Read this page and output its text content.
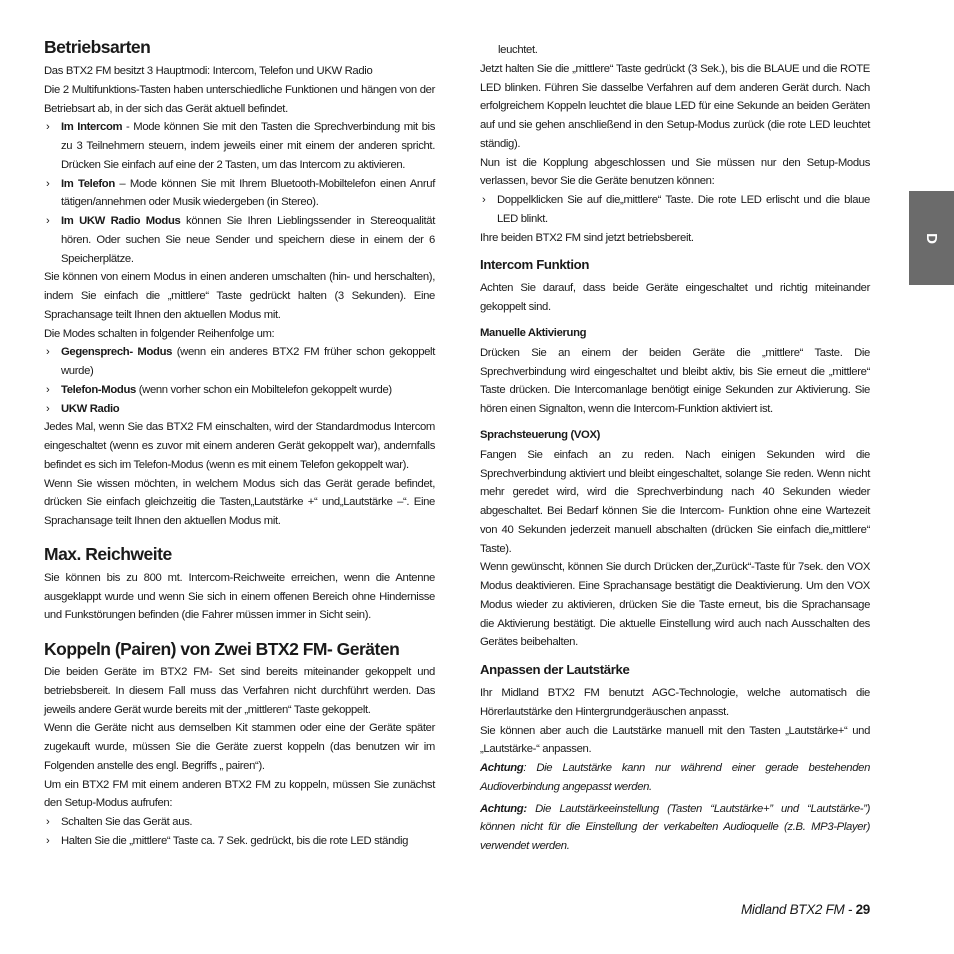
Betriebsarten

Das BTX2 FM besitzt 3 Hauptmodi: Intercom, Telefon und UKW Radio

Die 2 Multifunktions-Tasten haben unterschiedliche Funktionen und hängen von der Betriebsart ab, in der sich das Gerät aktuell befindet.

› Im Intercom - Mode können Sie mit den Tasten die Sprechverbindung mit bis zu 3 Teilnehmern steuern, indem jeweils einer mit einem der anderen spricht. Drücken Sie einfach auf eine der 2 Tasten, um das Intercom zu aktivieren.
› Im Telefon – Mode können Sie mit Ihrem Bluetooth-Mobiltelefon einen Anruf tätigen/annehmen oder Musik wiedergeben (in Stereo).
› Im UKW Radio Modus können Sie Ihren Lieblingssender in Stereoqualität hören. Oder suchen Sie neue Sender und speichern diese in einem der 6 Speicherplätze.

Sie können von einem Modus in einen anderen umschalten (hin- und herschalten), indem Sie einfach die „mittlere“ Taste gedrückt halten (3 Sekunden). Eine Sprachansage teilt Ihnen den aktuellen Modus mit.

Die Modes schalten in folgender Reihenfolge um:

› Gegensprech- Modus (wenn ein anderes BTX2 FM früher schon gekoppelt wurde)
› Telefon-Modus (wenn vorher schon ein Mobiltelefon gekoppelt wurde)
› UKW Radio

Jedes Mal, wenn Sie das BTX2 FM einschalten, wird der Standardmodus Intercom eingeschaltet (wenn es zuvor mit einem anderen Gerät gekoppelt war), andernfalls befindet es sich im Telefon-Modus (wenn es mit einem Telefon gekoppelt war).

Wenn Sie wissen möchten, in welchem Modus sich das Gerät gerade befindet, drücken Sie einfach gleichzeitig die Tasten„Lautstärke +“ und„Lautstärke –“. Eine Sprachansage teilt Ihnen den aktuellen Modus mit.

Max. Reichweite

Sie können bis zu 800 mt. Intercom-Reichweite erreichen, wenn die Antenne ausgeklappt wurde und wenn Sie sich in einem offenen Bereich ohne Hindernisse und Funkstörungen befinden (die Fahrer müssen immer in Sicht sein).

Koppeln (Pairen) von Zwei BTX2 FM- Geräten

Die beiden Geräte im BTX2 FM- Set sind bereits miteinander gekoppelt und betriebsbereit. In diesem Fall muss das Verfahren nicht durchführt werden. Das jeweils andere Gerät wurde bereits mit der „mittleren“ Taste gekoppelt.

Wenn die Geräte nicht aus demselben Kit stammen oder eine der Geräte später zugekauft wurde, müssen Sie die Geräte zuerst koppeln (das benutzen wir im Folgenden anstelle des engl. Begriffs „ pairen“).

Um ein BTX2 FM mit einem anderen BTX2 FM zu koppeln, müssen Sie zunächst den Setup-Modus aufrufen:

› Schalten Sie das Gerät aus.
› Halten Sie die „mittlere“ Taste ca. 7 Sek. gedrückt, bis die rote LED ständig

leuchtet.

Jetzt halten Sie die „mittlere“ Taste gedrückt (3 Sek.), bis die BLAUE und die ROTE LED blinken. Führen Sie dasselbe Verfahren auf dem anderen Gerät durch. Nach erfolgreichem Koppeln leuchtet die blaue LED für eine Sekunde an beiden Geräten auf und sie gehen anschließend in den Setup-Modus zurück (die rote LED leuchtet ständig).

Nun ist die Kopplung abgeschlossen und Sie müssen nur den Setup-Modus verlassen, bevor Sie die Geräte benutzen können:

› Doppelklicken Sie auf die„mittlere“ Taste. Die rote LED erlischt und die blaue LED blinkt.

Ihre beiden BTX2 FM sind jetzt betriebsbereit.

Intercom Funktion

Achten Sie darauf, dass beide Geräte eingeschaltet und richtig miteinander gekoppelt sind.

Manuelle Aktivierung

Drücken Sie an einem der beiden Geräte die „mittlere“ Taste. Die Sprechverbindung wird eingeschaltet und bleibt aktiv, bis Sie erneut die „mittlere“ Taste drücken. Die Intercomanlage benötigt einige Sekunden zur Aktivierung. Sie hören einen Signalton, wenn die Intercom-Funktion aktiviert ist.

Sprachsteuerung (VOX)

Fangen Sie einfach an zu reden. Nach einigen Sekunden wird die Sprechverbindung aktiviert und bleibt eingeschaltet, solange Sie reden. Wenn nicht mehr geredet wird, wird die Sprechverbindung nach 40 Sekunden wieder abgeschaltet. Bei Bedarf können Sie die Intercom- Funktion ohne eine Wartezeit von 40 Sekunden jederzeit manuell abschalten (drücken Sie einfach die„mittlere“ Taste).

Wenn gewünscht, können Sie durch Drücken der„Zurück“-Taste für 7sek. den VOX Modus deaktivieren. Eine Sprachansage bestätigt die Deaktivierung. Um den VOX Modus wieder zu aktivieren, drücken Sie die Taste erneut, bis die Sprachansage die Aktivierung bestätigt. Die aktuelle Einstellung wird auch nach Ausschalten des Gerätes beibehalten.

Anpassen der Lautstärke

Ihr Midland BTX2 FM benutzt AGC-Technologie, welche automatisch die Hörerlautstärke den Hintergrundgeräuschen anpasst.

Sie können aber auch die Lautstärke manuell mit den Tasten „Lautstärke+“ und „Lautstärke-“ anpassen.

Achtung: Die Lautstärke kann nur während einer gerade bestehenden Audioverbindung angepasst werden.

Achtung: Die Lautstärkeeinstellung (Tasten “Lautstärke+” und “Lautstärke-”) können nicht für die Einstellung der verkabelten Audioquelle (z.B. MP3-Player) verwendet werden.

D
Midland BTX2 FM - 29
